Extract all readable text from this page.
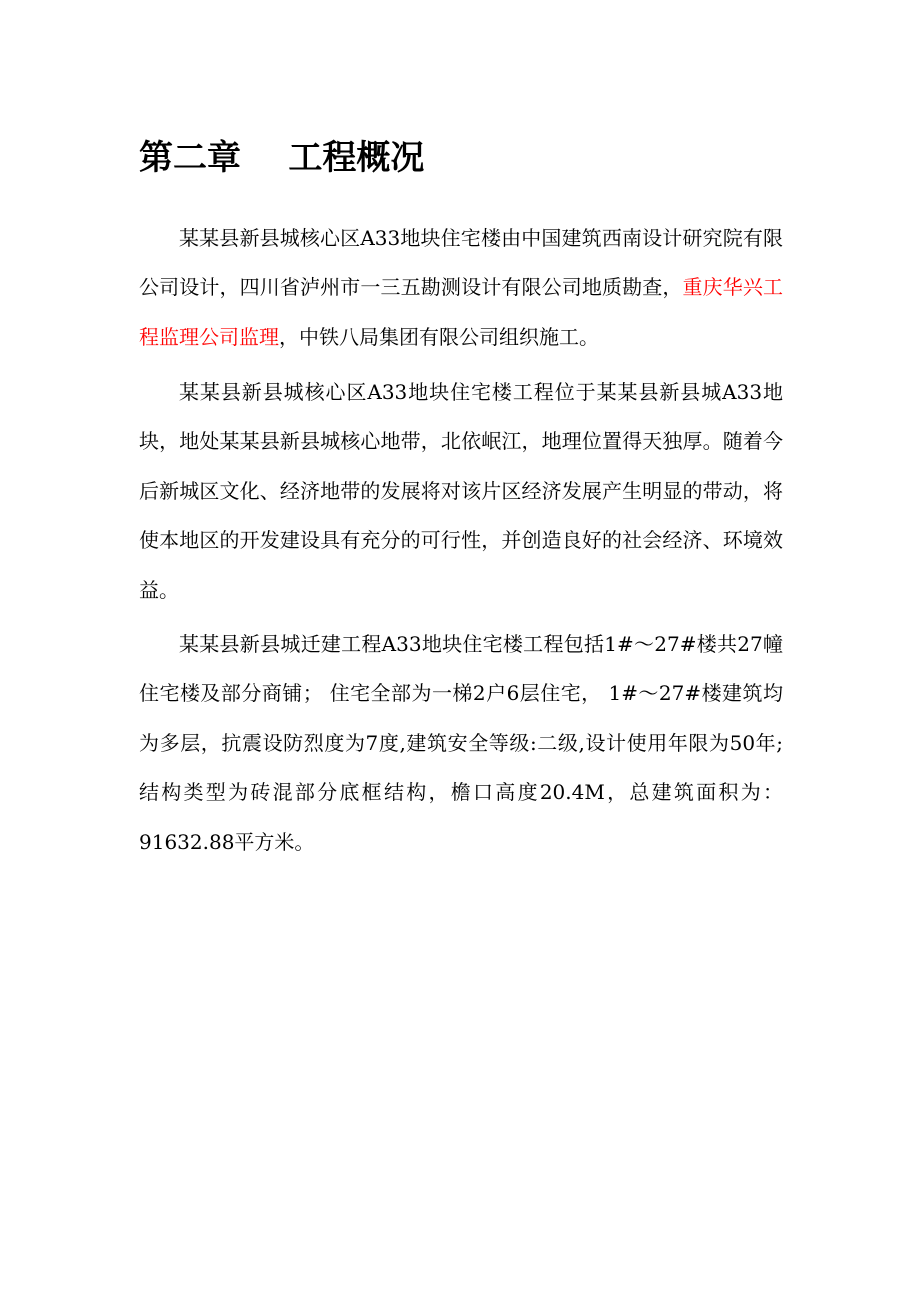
第二章    工程概况

某某县新县城核心区A33地块住宅楼由中国建筑西南设计研究院有限公司设计，四川省泸州市一三五勘测设计有限公司地质勘查，重庆华兴工程监理公司监理，中铁八局集团有限公司组织施工。

某某县新县城核心区A33地块住宅楼工程位于某某县新县城A33地块，地处某某县新县城核心地带，北依岷江，地理位置得天独厚。随着今后新城区文化、经济地带的发展将对该片区经济发展产生明显的带动，将使本地区的开发建设具有充分的可行性，并创造良好的社会经济、环境效益。

某某县新县城迁建工程A33地块住宅楼工程包括1#～27#楼共27幢住宅楼及部分商铺； 住宅全部为一梯2户6层住宅， 1#～27#楼建筑均为多层，抗震设防烈度为7度,建筑安全等级:二级,设计使用年限为50年;结构类型为砖混部分底框结构，檐口高度20.4M，总建筑面积为：91632.88平方米。
